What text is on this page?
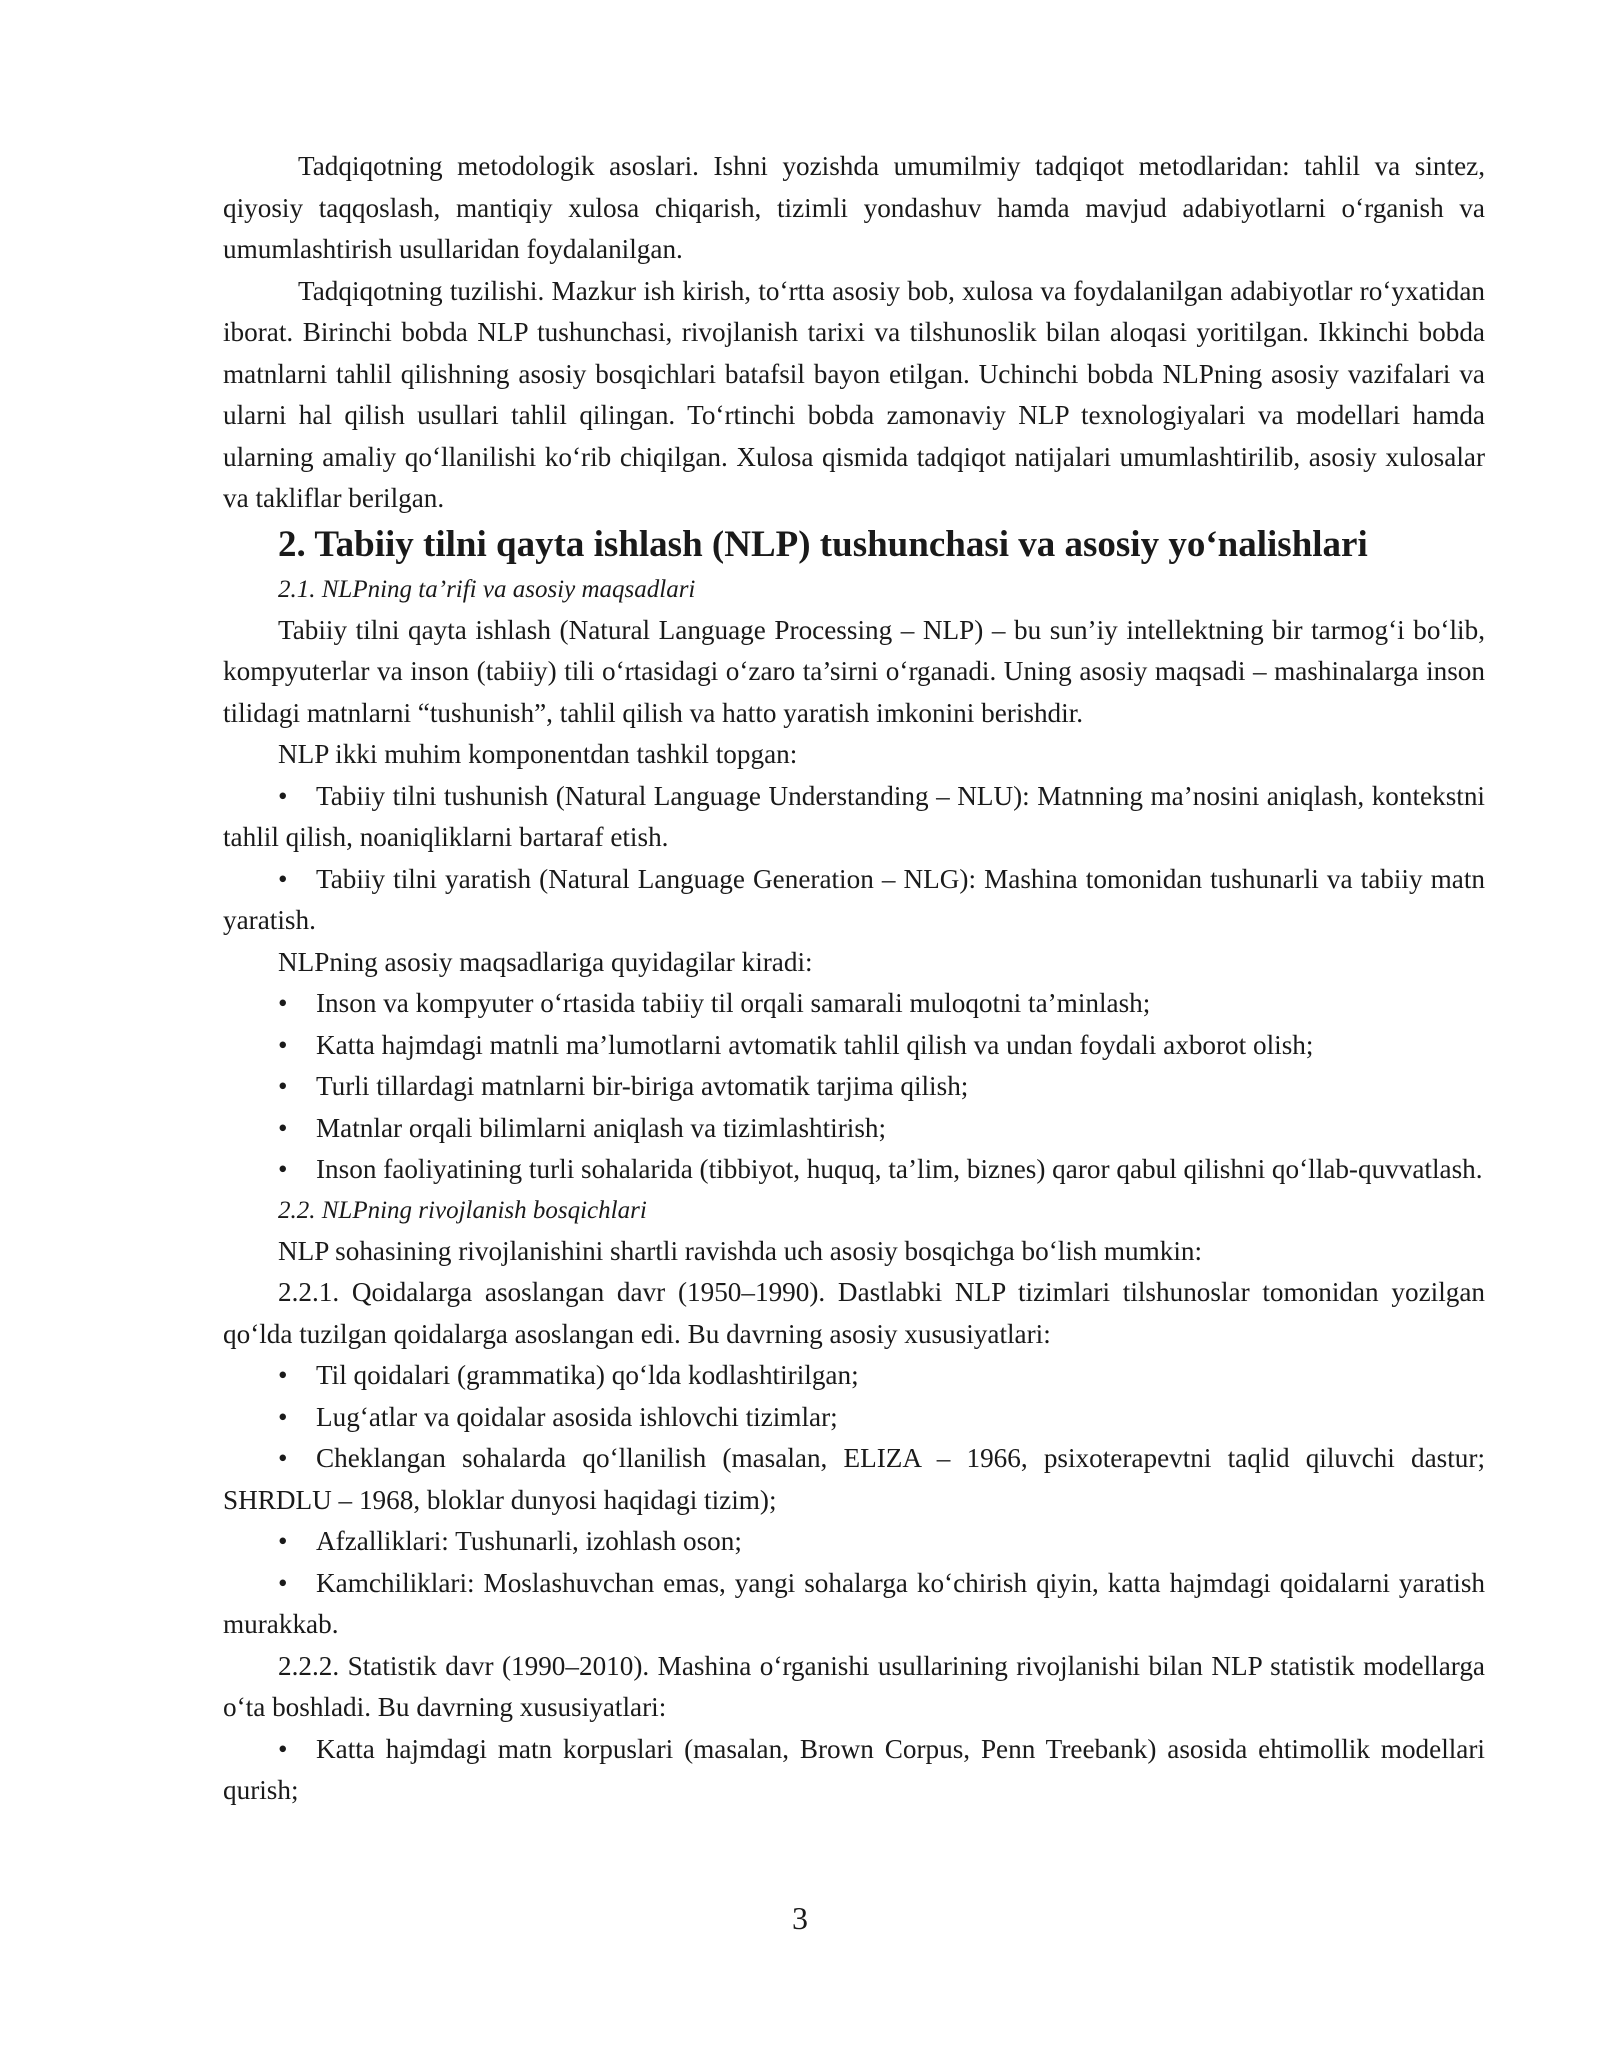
Tadqiqotning metodologik asoslari. Ishni yozishda umumilmiy tadqiqot metodlaridan: tahlil va sintez, qiyosiy taqqoslash, mantiqiy xulosa chiqarish, tizimli yondashuv hamda mavjud adabiyotlarni o‘rganish va umumlashtirish usullaridan foydalanilgan.

Tadqiqotning tuzilishi. Mazkur ish kirish, to‘rtta asosiy bob, xulosa va foydalanilgan adabiyotlar ro‘yxatidan iborat. Birinchi bobda NLP tushunchasi, rivojlanish tarixi va tilshunoslik bilan aloqasi yoritilgan. Ikkinchi bobda matnlarni tahlil qilishning asosiy bosqichlari batafsil bayon etilgan. Uchinchi bobda NLPning asosiy vazifalari va ularni hal qilish usullari tahlil qilingan. To‘rtinchi bobda zamonaviy NLP texnologiyalari va modellari hamda ularning amaliy qo‘llanilishi ko‘rib chiqilgan. Xulosa qismida tadqiqot natijalari umumlashtirilib, asosiy xulosalar va takliflar berilgan.

2. Tabiiy tilni qayta ishlash (NLP) tushunchasi va asosiy yo‘nalishlari

2.1. NLPning ta’rifi va asosiy maqsadlari

Tabiiy tilni qayta ishlash (Natural Language Processing – NLP) – bu sun’iy intellektning bir tarmog‘i bo‘lib, kompyuterlar va inson (tabiiy) tili o‘rtasidagi o‘zaro ta’sirni o‘rganadi. Uning asosiy maqsadi – mashinalarga inson tilidagi matnlarni “tushunish”, tahlil qilish va hatto yaratish imkonini berishdir.

NLP ikki muhim komponentdan tashkil topgan:

• Tabiiy tilni tushunish (Natural Language Understanding – NLU): Matnning ma’nosini aniqlash, kontekstni tahlil qilish, noaniqliklarni bartaraf etish.

• Tabiiy tilni yaratish (Natural Language Generation – NLG): Mashina tomonidan tushunarli va tabiiy matn yaratish.

NLPning asosiy maqsadlariga quyidagilar kiradi:

• Inson va kompyuter o‘rtasida tabiiy til orqali samarali muloqotni ta’minlash;

• Katta hajmdagi matnli ma’lumotlarni avtomatik tahlil qilish va undan foydali axborot olish;

• Turli tillardagi matnlarni bir-biriga avtomatik tarjima qilish;

• Matnlar orqali bilimlarni aniqlash va tizimlashtirish;

• Inson faoliyatining turli sohalarida (tibbiyot, huquq, ta’lim, biznes) qaror qabul qilishni qo‘llab-quvvatlash.

2.2. NLPning rivojlanish bosqichlari

NLP sohasining rivojlanishini shartli ravishda uch asosiy bosqichga bo‘lish mumkin:

2.2.1. Qoidalarga asoslangan davr (1950–1990). Dastlabki NLP tizimlari tilshunoslar tomonidan yozilgan qo‘lda tuzilgan qoidalarga asoslangan edi. Bu davrning asosiy xususiyatlari:

• Til qoidalari (grammatika) qo‘lda kodlashtirilgan;

• Lug‘atlar va qoidalar asosida ishlovchi tizimlar;

• Cheklangan sohalarda qo‘llanilish (masalan, ELIZA – 1966, psixoterapevtni taqlid qiluvchi dastur; SHRDLU – 1968, bloklar dunyosi haqidagi tizim);

• Afzalliklari: Tushunarli, izohlash oson;

• Kamchiliklari: Moslashuvchan emas, yangi sohalarga ko‘chirish qiyin, katta hajmdagi qoidalarni yaratish murakkab.

2.2.2. Statistik davr (1990–2010). Mashina o‘rganishi usullarining rivojlanishi bilan NLP statistik modellarga o‘ta boshladi. Bu davrning xususiyatlari:

• Katta hajmdagi matn korpuslari (masalan, Brown Corpus, Penn Treebank) asosida ehtimollik modellari qurish;

3
